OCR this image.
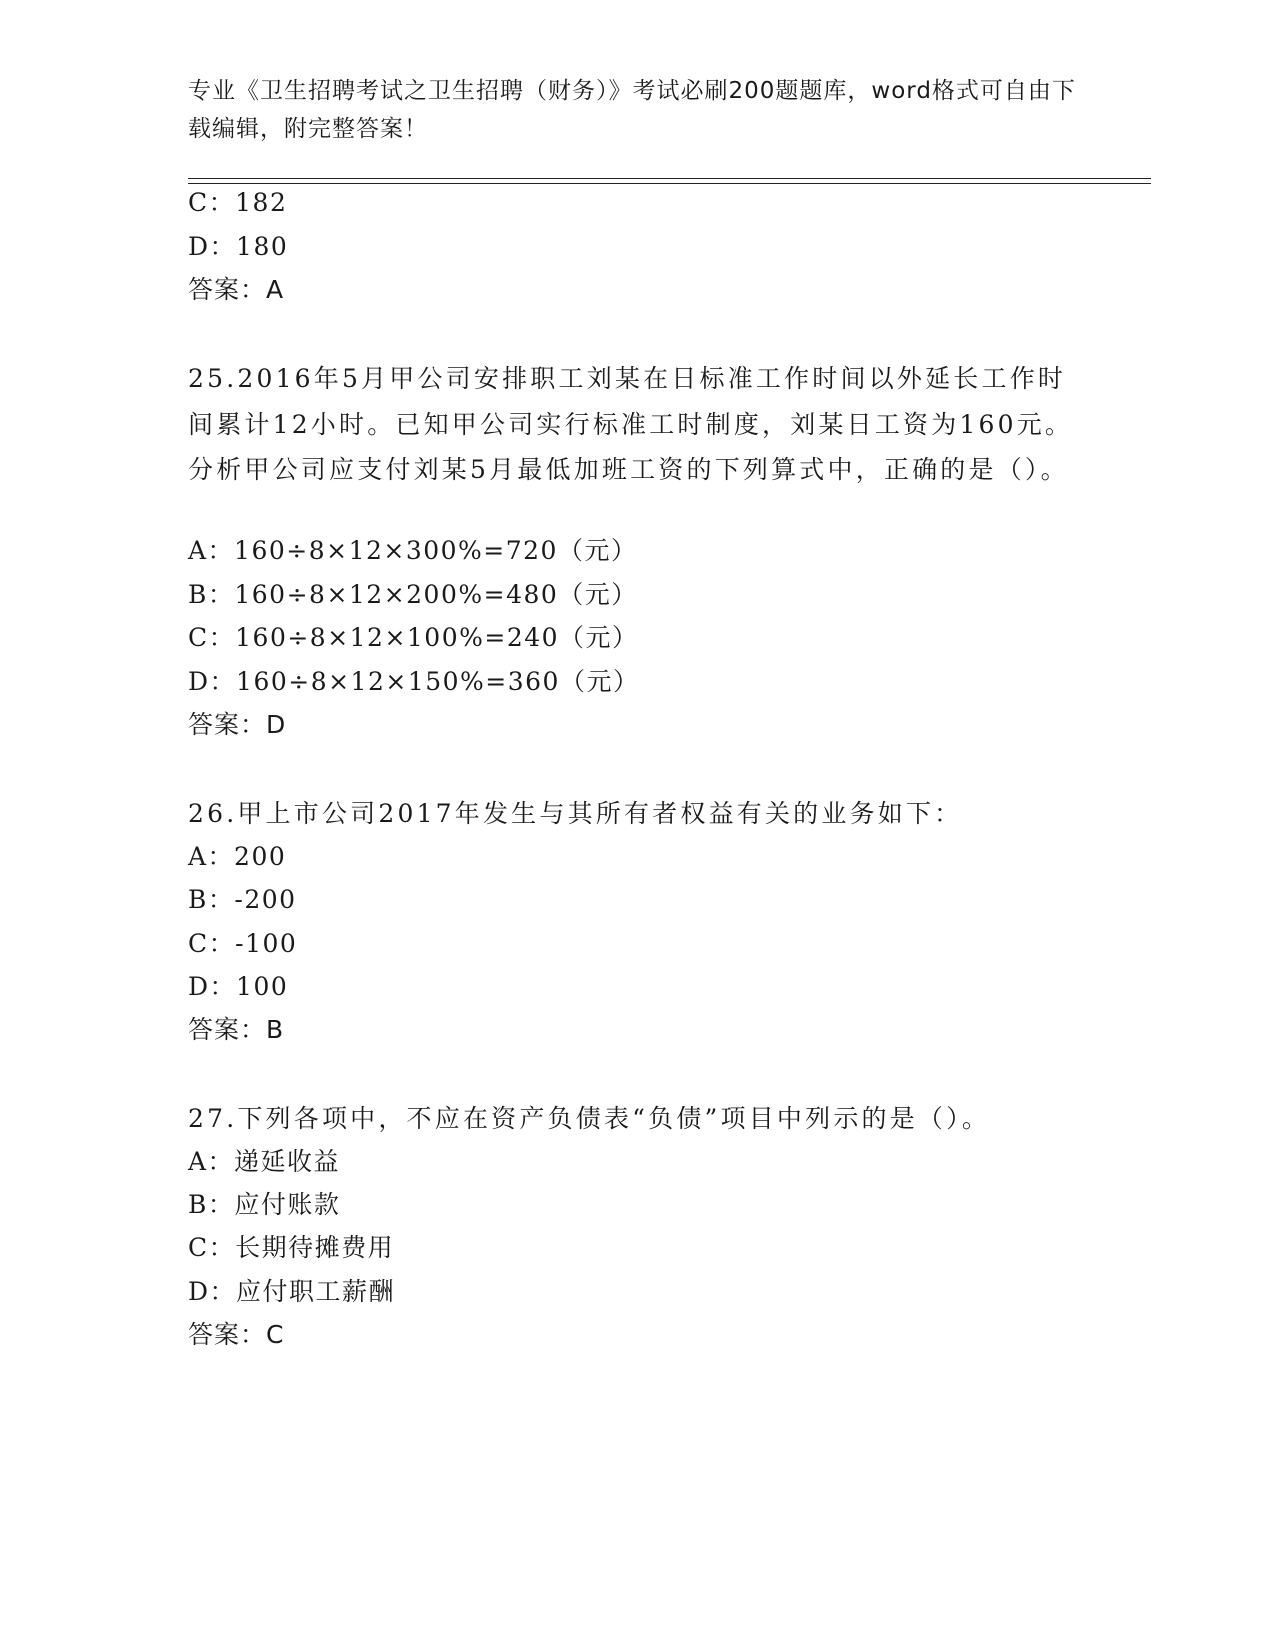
专业《卫生招聘考试之卫生招聘（财务）》考试必刷200题题库，word格式可自由下载编辑，附完整答案！
C：182
D：180
答案：A
25.2016年5月甲公司安排职工刘某在日标准工作时间以外延长工作时间累计12小时。已知甲公司实行标准工时制度，刘某日工资为160元。分析甲公司应支付刘某5月最低加班工资的下列算式中，正确的是（）。
A：160÷8×12×300%=720（元）
B：160÷8×12×200%=480（元）
C：160÷8×12×100%=240（元）
D：160÷8×12×150%=360（元）
答案：D
26.甲上市公司2017年发生与其所有者权益有关的业务如下：
A：200
B：-200
C：-100
D：100
答案：B
27.下列各项中，不应在资产负债表“负债”项目中列示的是（）。
A：递延收益
B：应付账款
C：长期待摊费用
D：应付职工薪酬
答案：C
